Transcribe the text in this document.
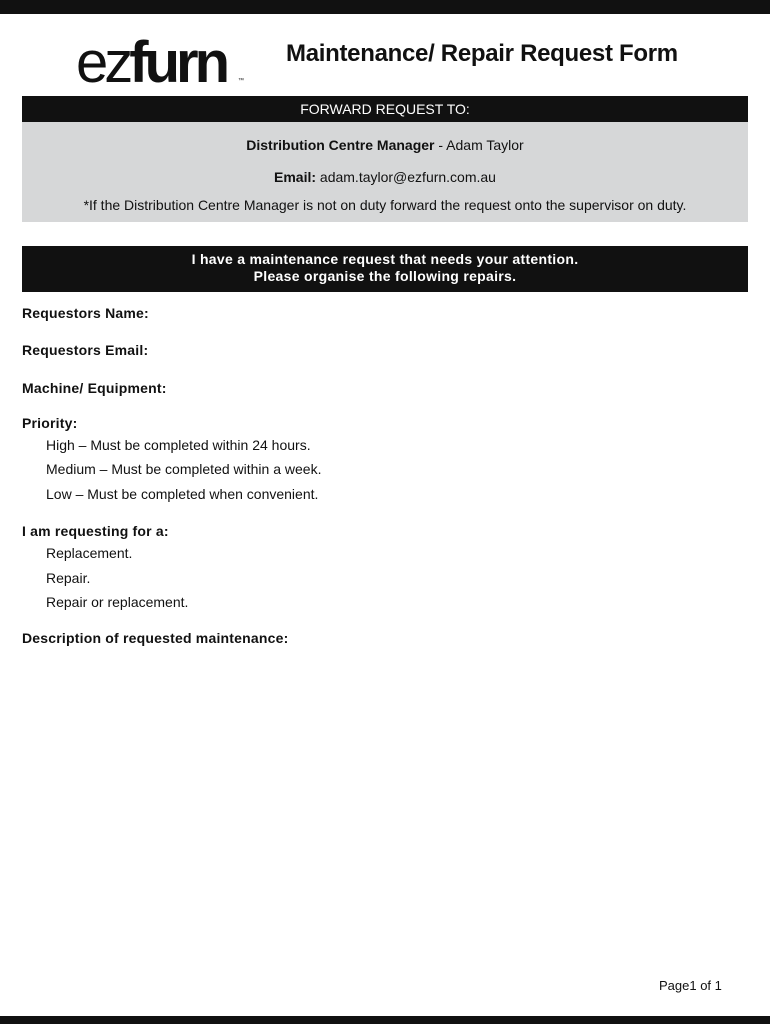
ezfurn ™
Maintenance/ Repair Request Form
FORWARD REQUEST TO:
Distribution Centre Manager - Adam Taylor
Email: adam.taylor@ezfurn.com.au
*If the Distribution Centre Manager is not on duty forward the request onto the supervisor on duty.
I have a maintenance request that needs your attention.
Please organise the following repairs.
Requestors Name:
Requestors Email:
Machine/ Equipment:
Priority:
High – Must be completed within 24 hours.
Medium – Must be completed within a week.
Low – Must be completed when convenient.
I am requesting for a:
Replacement.
Repair.
Repair or replacement.
Description of requested maintenance:
Page1 of 1
